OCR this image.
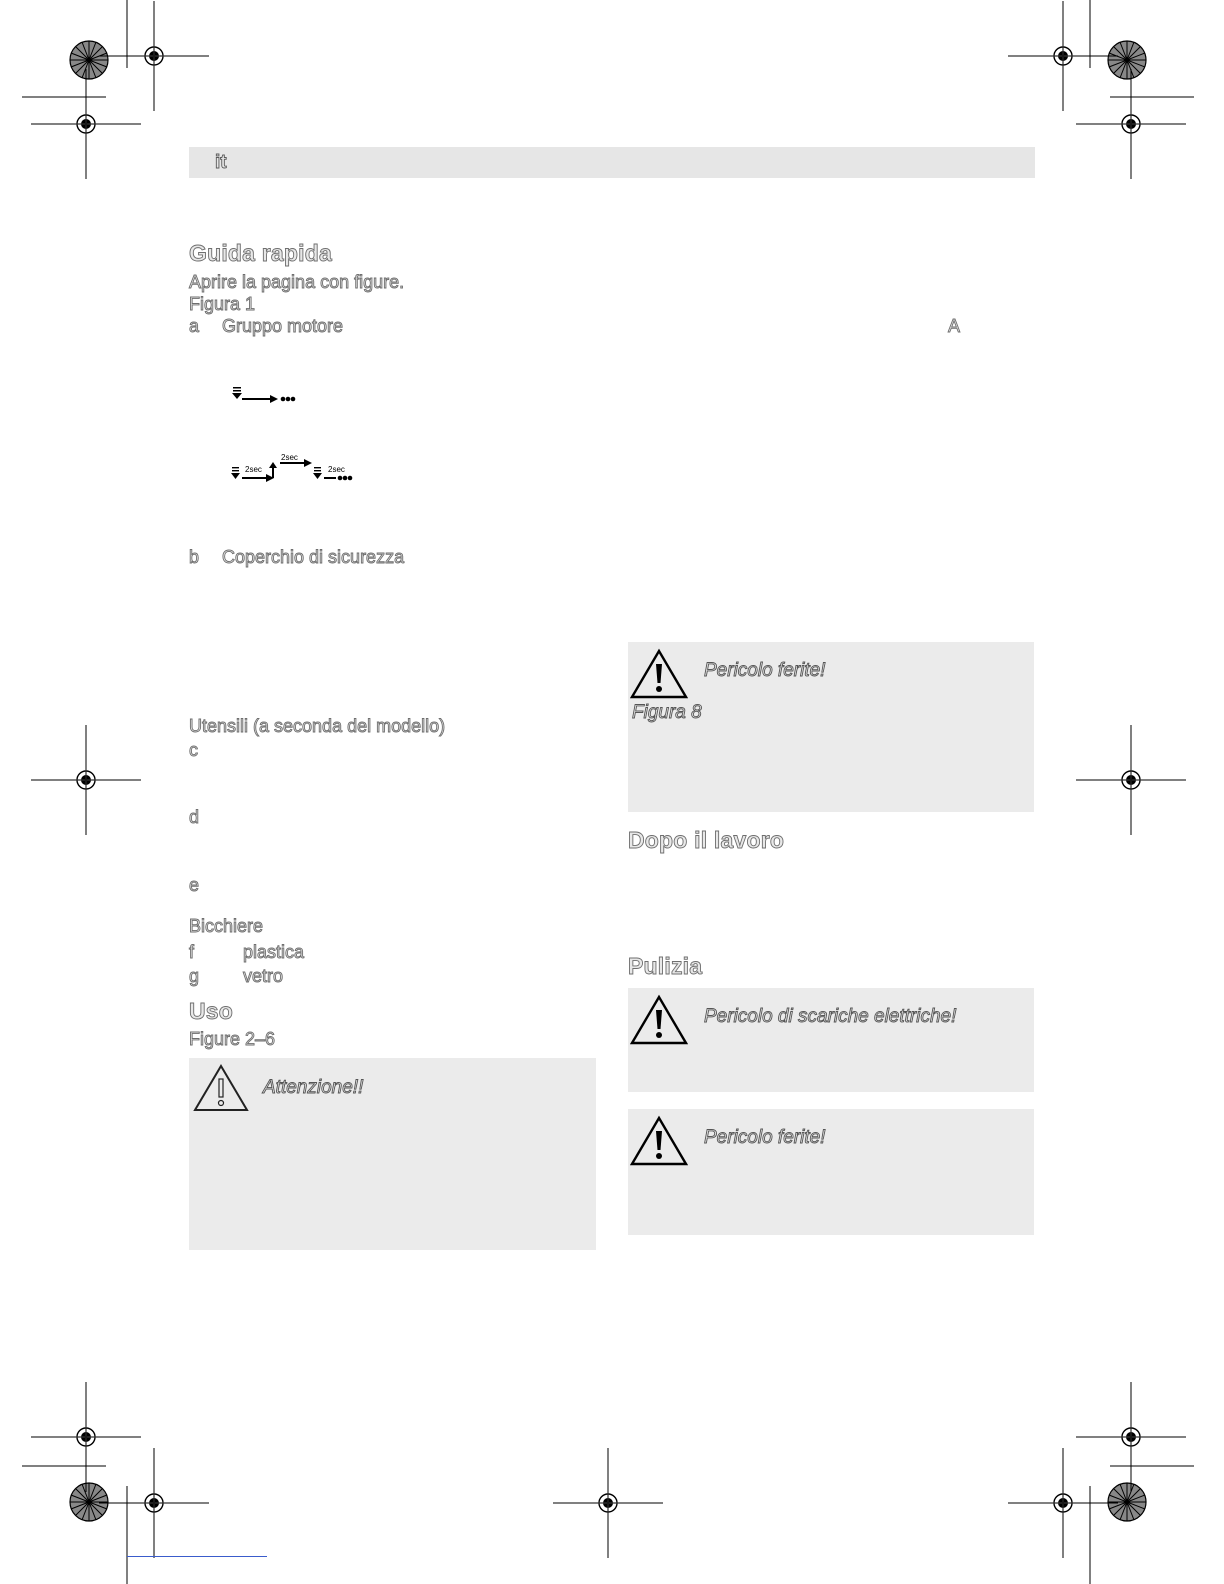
it
Guida rapida
Aprire la pagina con figure.
Figura 1
a Gruppo motore	A
2sec
2sec
2sec
b Coperchio di sicurezza
Utensili (a seconda del modello)
c
d
e
Bicchiere
f	plastica
g vetro
Uso
Figure 2–6
Attenzione!!
Pericolo ferite!
Figura 8
Dopo il lavoro
Pulizia
Pericolo di scariche elettriche!
Pericolo ferite!
